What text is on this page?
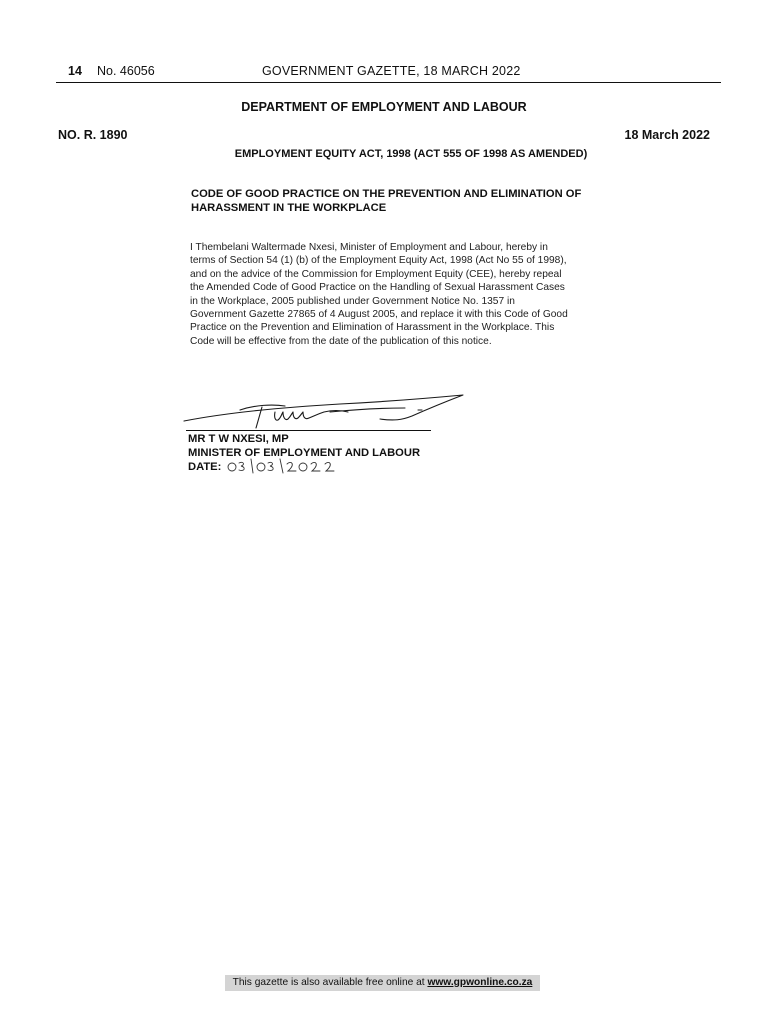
14 No. 46056	GOVERNMENT GAZETTE, 18 MARCH 2022
DEPARTMENT OF EMPLOYMENT AND LABOUR
NO. R. 1890	18 March 2022
EMPLOYMENT EQUITY ACT, 1998 (ACT 555 OF 1998 AS AMENDED)
CODE OF GOOD PRACTICE ON THE PREVENTION AND ELIMINATION OF HARASSMENT IN THE WORKPLACE
I Thembelani Waltermade Nxesi, Minister of Employment and Labour, hereby in
terms of Section 54 (1) (b) of the Employment Equity Act, 1998 (Act No 55 of 1998),
and on the advice of the Commission for Employment Equity (CEE), hereby repeal
the Amended Code of Good Practice on the Handling of Sexual Harassment Cases
in the Workplace, 2005 published under Government Notice No. 1357 in
Government Gazette 27865 of 4 August 2005, and replace it with this Code of Good
Practice on the Prevention and Elimination of Harassment in the Workplace. This
Code will be effective from the date of the publication of this notice.
MR T W NXESI, MP
MINISTER OF EMPLOYMENT AND LABOUR
DATE:
This gazette is also available free online at www.gpwonline.co.za
